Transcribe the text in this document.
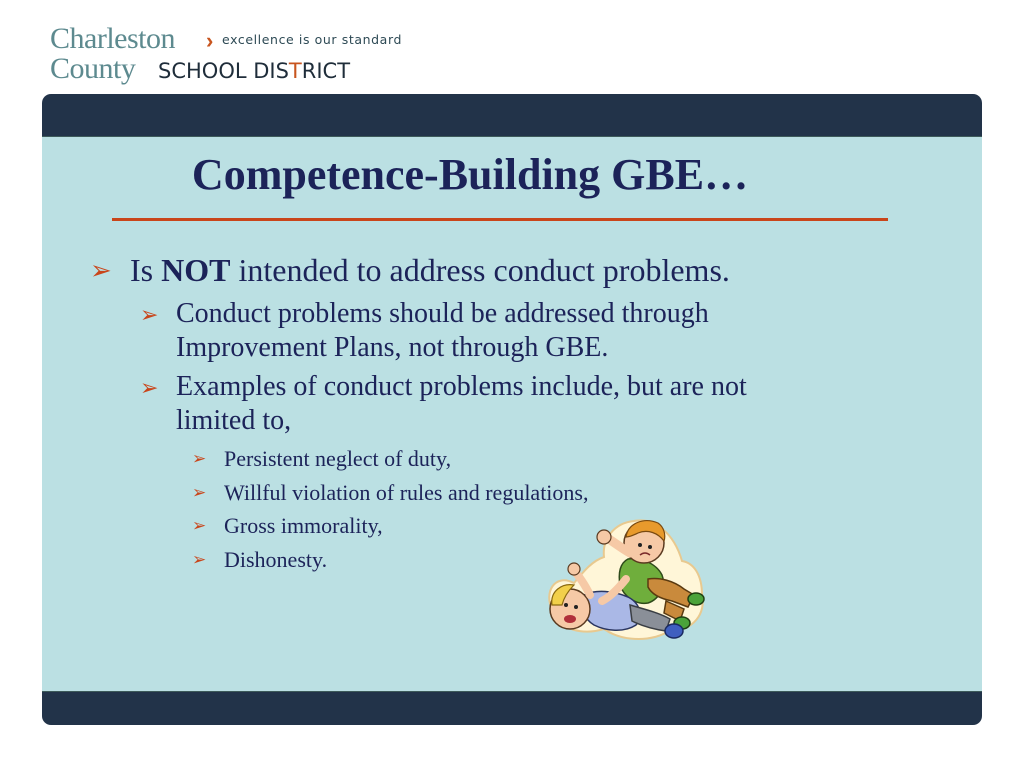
Charleston › excellence is our standard
County SCHOOL DISTRICT
Competence-Building GBE…
➢ Is NOT intended to address conduct problems.
➢ Conduct problems should be addressed through
Improvement Plans, not through GBE.
➢ Examples of conduct problems include, but are not
limited to,
➢ Persistent neglect of duty,
➢ Willful violation of rules and regulations,
➢ Gross immorality,
➢ Dishonesty.
